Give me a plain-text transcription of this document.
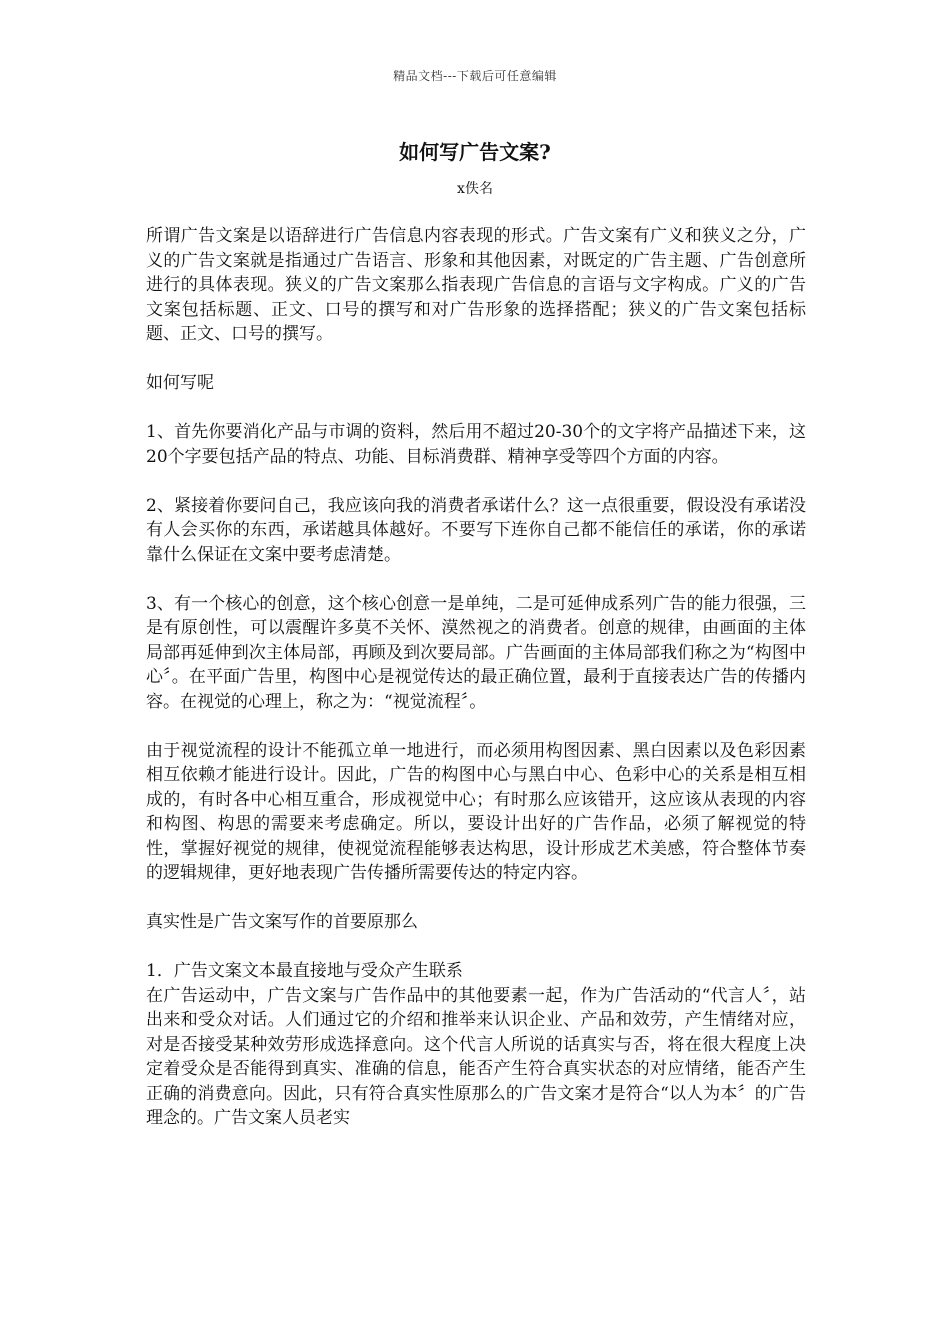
精品文档---下载后可任意编辑
如何写广告文案?
x佚名

所谓广告文案是以语辞进行广告信息内容表现的形式。广告文案有广义和狭义之分，广义的广告文案就是指通过广告语言、形象和其他因素，对既定的广告主题、广告创意所进行的具体表现。狭义的广告文案那么指表现广告信息的言语与文字构成。广义的广告文案包括标题、正文、口号的撰写和对广告形象的选择搭配；狭义的广告文案包括标题、正文、口号的撰写。

如何写呢

1、首先你要消化产品与市调的资料，然后用不超过20-30个的文字将产品描述下来，这20个字要包括产品的特点、功能、目标消费群、精神享受等四个方面的内容。

2、紧接着你要问自己，我应该向我的消费者承诺什么？这一点很重要，假设没有承诺没有人会买你的东西，承诺越具体越好。不要写下连你自己都不能信任的承诺，你的承诺靠什么保证在文案中要考虑清楚。

3、有一个核心的创意，这个核心创意一是单纯，二是可延伸成系列广告的能力很强，三是有原创性，可以震醒许多莫不关怀、漠然视之的消费者。创意的规律，由画面的主体局部再延伸到次主体局部，再顾及到次要局部。广告画面的主体局部我们称之为“构图中心〞。在平面广告里，构图中心是视觉传达的最正确位置，最利于直接表达广告的传播内容。在视觉的心理上，称之为：“视觉流程〞。

由于视觉流程的设计不能孤立单一地进行，而必须用构图因素、黑白因素以及色彩因素相互依赖才能进行设计。因此，广告的构图中心与黑白中心、色彩中心的关系是相互相成的，有时各中心相互重合，形成视觉中心；有时那么应该错开，这应该从表现的内容和构图、构思的需要来考虑确定。所以，要设计出好的广告作品，必须了解视觉的特性，掌握好视觉的规律，使视觉流程能够表达构思，设计形成艺术美感，符合整体节奏的逻辑规律，更好地表现广告传播所需要传达的特定内容。

真实性是广告文案写作的首要原那么

1．广告文案文本最直接地与受众产生联系

在广告运动中，广告文案与广告作品中的其他要素一起，作为广告活动的“代言人〞，站出来和受众对话。人们通过它的介绍和推举来认识企业、产品和效劳，产生情绪对应，对是否接受某种效劳形成选择意向。这个代言人所说的话真实与否，将在很大程度上决定着受众是否能得到真实、准确的信息，能否产生符合真实状态的对应情绪，能否产生正确的消费意向。因此，只有符合真实性原那么的广告文案才是符合“以人为本〞的广告理念的。广告文案人员老实
